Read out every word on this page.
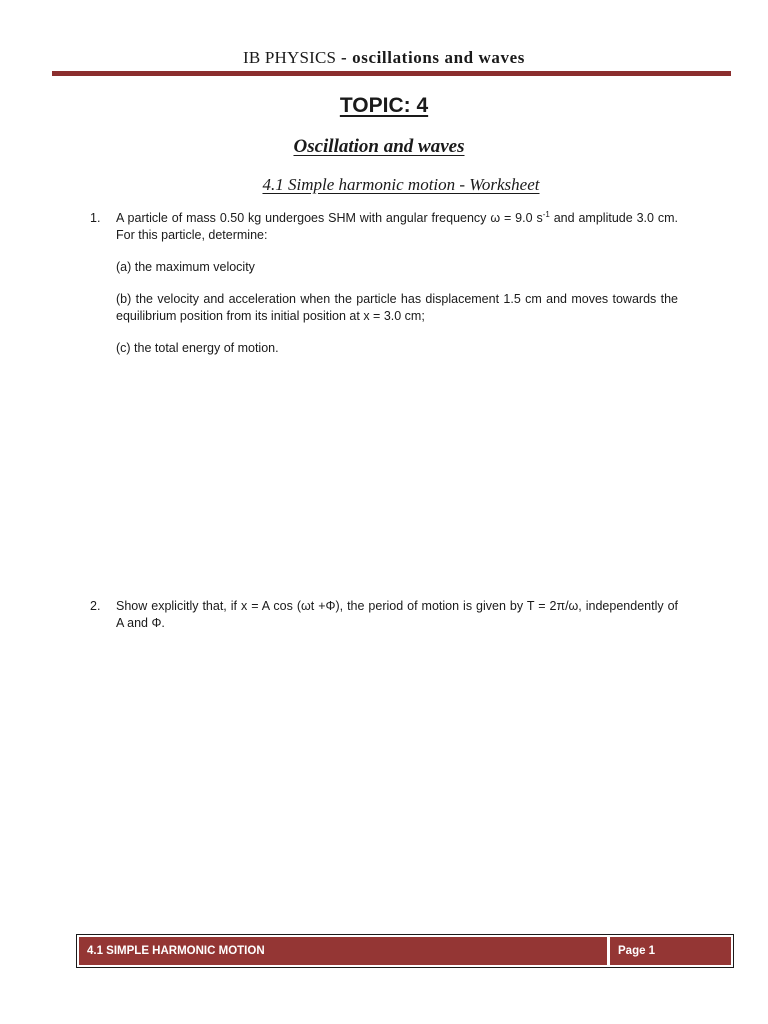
IB PHYSICS - oscillations and waves
TOPIC: 4
Oscillation and waves
4.1 Simple harmonic motion - Worksheet
1. A particle of mass 0.50 kg undergoes SHM with angular frequency ω = 9.0 $s^{-1}$ and amplitude 3.0 cm. For this particle, determine:

(a) the maximum velocity

(b) the velocity and acceleration when the particle has displacement 1.5 cm and moves towards the equilibrium position from its initial position at x = 3.0 cm;

(c) the total energy of motion.

2. Show explicitly that, if x = A cos (ωt +Φ), the period of motion is given by T = 2π/ω, independently of A and Φ.

4.1 SIMPLE HARMONIC MOTION	Page 1
